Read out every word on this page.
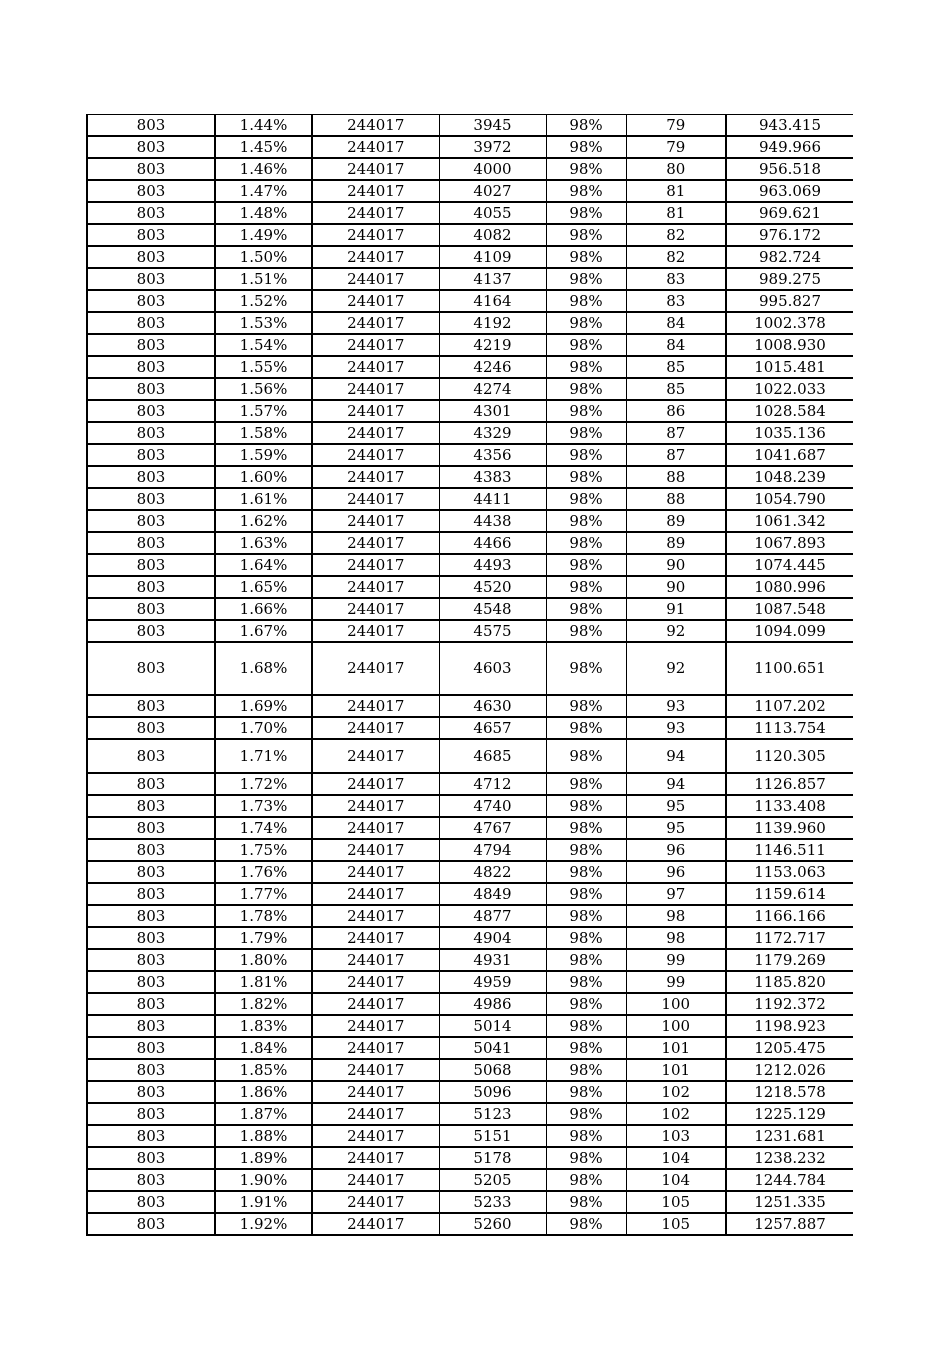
803	1.44%	244017	3945	98%	79	943.415
803	1.45%	244017	3972	98%	79	949.966
803	1.46%	244017	4000	98%	80	956.518
803	1.47%	244017	4027	98%	81	963.069
803	1.48%	244017	4055	98%	81	969.621
803	1.49%	244017	4082	98%	82	976.172
803	1.50%	244017	4109	98%	82	982.724
803	1.51%	244017	4137	98%	83	989.275
803	1.52%	244017	4164	98%	83	995.827
803	1.53%	244017	4192	98%	84	1002.378
803	1.54%	244017	4219	98%	84	1008.930
803	1.55%	244017	4246	98%	85	1015.481
803	1.56%	244017	4274	98%	85	1022.033
803	1.57%	244017	4301	98%	86	1028.584
803	1.58%	244017	4329	98%	87	1035.136
803	1.59%	244017	4356	98%	87	1041.687
803	1.60%	244017	4383	98%	88	1048.239
803	1.61%	244017	4411	98%	88	1054.790
803	1.62%	244017	4438	98%	89	1061.342
803	1.63%	244017	4466	98%	89	1067.893
803	1.64%	244017	4493	98%	90	1074.445
803	1.65%	244017	4520	98%	90	1080.996
803	1.66%	244017	4548	98%	91	1087.548
803	1.67%	244017	4575	98%	92	1094.099
803	1.68%	244017	4603	98%	92	1100.651
803	1.69%	244017	4630	98%	93	1107.202
803	1.70%	244017	4657	98%	93	1113.754
803	1.71%	244017	4685	98%	94	1120.305
803	1.72%	244017	4712	98%	94	1126.857
803	1.73%	244017	4740	98%	95	1133.408
803	1.74%	244017	4767	98%	95	1139.960
803	1.75%	244017	4794	98%	96	1146.511
803	1.76%	244017	4822	98%	96	1153.063
803	1.77%	244017	4849	98%	97	1159.614
803	1.78%	244017	4877	98%	98	1166.166
803	1.79%	244017	4904	98%	98	1172.717
803	1.80%	244017	4931	98%	99	1179.269
803	1.81%	244017	4959	98%	99	1185.820
803	1.82%	244017	4986	98%	100	1192.372
803	1.83%	244017	5014	98%	100	1198.923
803	1.84%	244017	5041	98%	101	1205.475
803	1.85%	244017	5068	98%	101	1212.026
803	1.86%	244017	5096	98%	102	1218.578
803	1.87%	244017	5123	98%	102	1225.129
803	1.88%	244017	5151	98%	103	1231.681
803	1.89%	244017	5178	98%	104	1238.232
803	1.90%	244017	5205	98%	104	1244.784
803	1.91%	244017	5233	98%	105	1251.335
803	1.92%	244017	5260	98%	105	1257.887
